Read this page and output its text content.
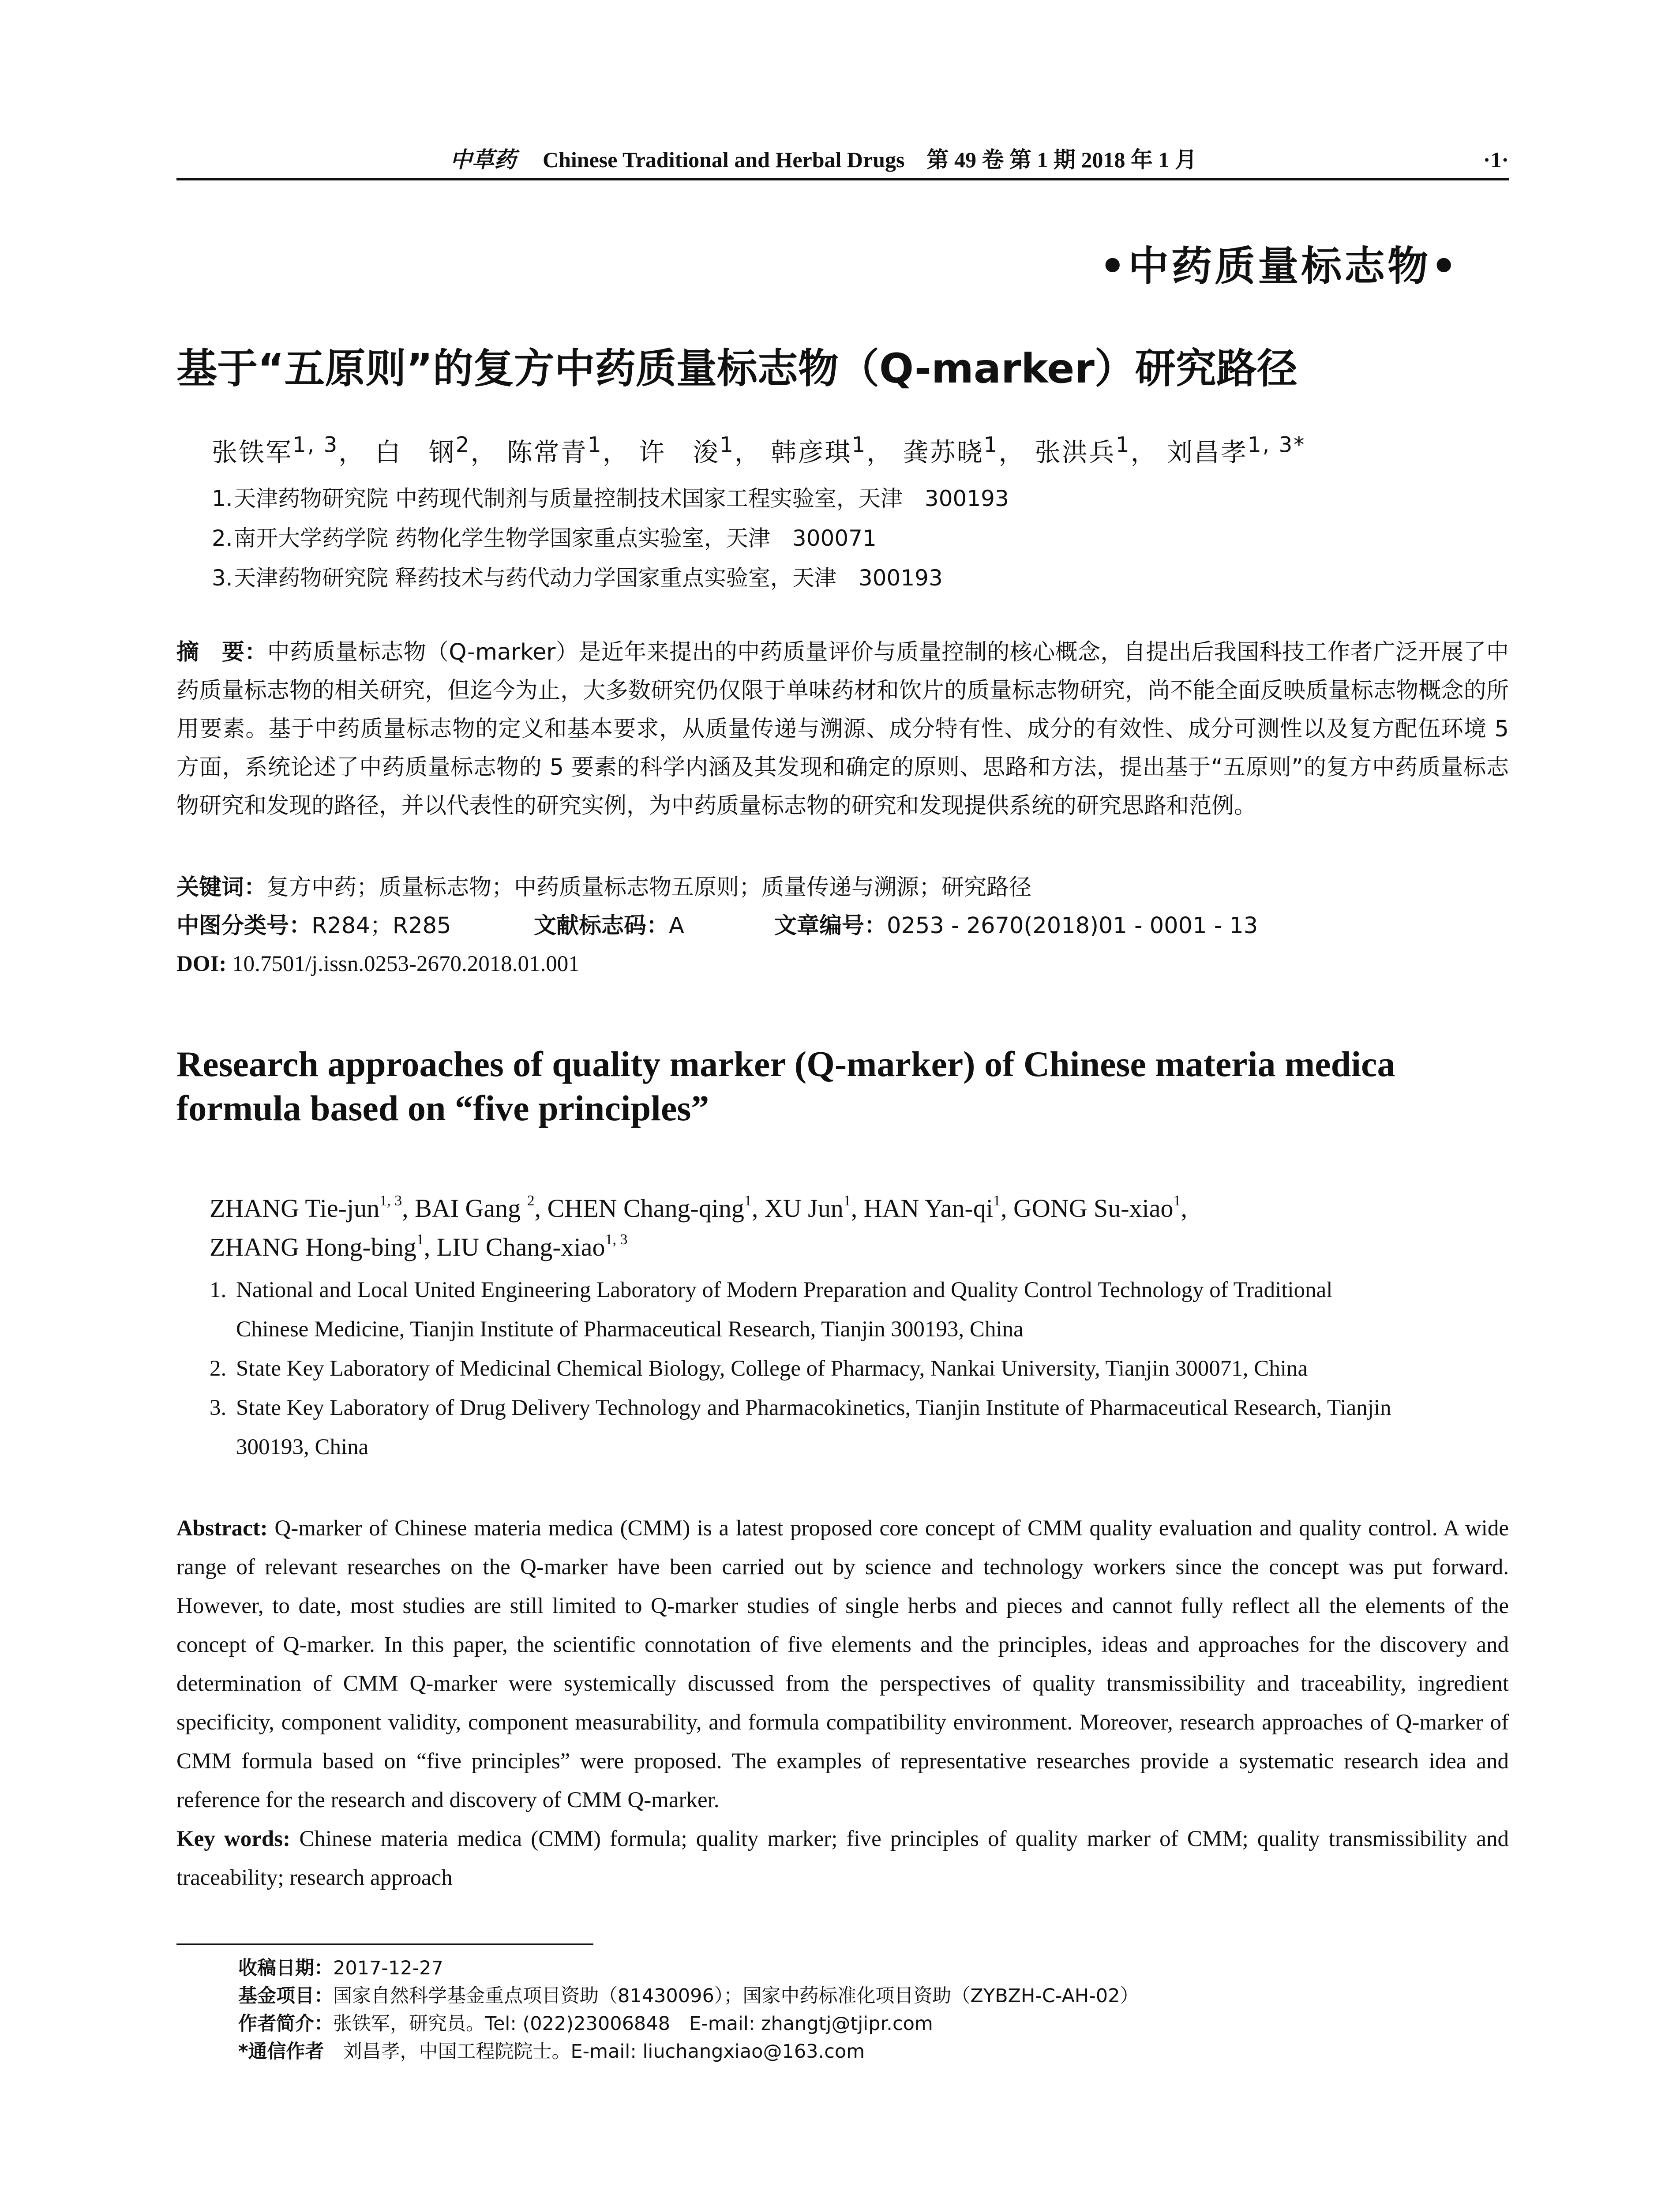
中草药 Chinese Traditional and Herbal Drugs 第 49 卷 第 1 期 2018 年 1 月	·1·
•中药质量标志物•
基于“五原则”的复方中药质量标志物（Q-marker）研究路径
张铁军$^{1, 3}$， 白　钢$^2$， 陈常青$^1$， 许　浚$^1$， 韩彦琪$^1$， 龚苏晓$^1$， 张洪兵$^1$， 刘昌孝$^{1, 3*}$
1.天津药物研究院 中药现代制剂与质量控制技术国家工程实验室，天津　300193
2.南开大学药学院 药物化学生物学国家重点实验室，天津　300071
3.天津药物研究院 释药技术与药代动力学国家重点实验室，天津　300193
摘　要：中药质量标志物（Q-marker）是近年来提出的中药质量评价与质量控制的核心概念，自提出后我国科技工作者广泛开展了中药质量标志物的相关研究，但迄今为止，大多数研究仍仅限于单味药材和饮片的质量标志物研究，尚不能全面反映质量标志物概念的所用要素。基于中药质量标志物的定义和基本要求，从质量传递与溯源、成分特有性、成分的有效性、成分可测性以及复方配伍环境 5 方面，系统论述了中药质量标志物的 5 要素的科学内涵及其发现和确定的原则、思路和方法，提出基于“五原则”的复方中药质量标志物研究和发现的路径，并以代表性的研究实例，为中药质量标志物的研究和发现提供系统的研究思路和范例。
关键词：复方中药；质量标志物；中药质量标志物五原则；质量传递与溯源；研究路径
中图分类号：R284；R285	文献标志码：A	文章编号：0253 - 2670(2018)01 - 0001 - 13
DOI: 10.7501/j.issn.0253-2670.2018.01.001
Research approaches of quality marker (Q-marker) of Chinese materia medica
formula based on “five principles”
ZHANG Tie-jun$^{1, 3}$, BAI Gang $^2$, CHEN Chang-qing$^1$, XU Jun$^1$, HAN Yan-$qi^1$, GONG Su-xiao$^1$,
ZHANG Hong-bing$^1$, LIU Chang-xiao$^{1, 3}$
1. National and Local United Engineering Laboratory of Modern Preparation and Quality Control Technology of Traditional
Chinese Medicine, Tianjin Institute of Pharmaceutical Research, Tianjin 300193, China
2. State Key Laboratory of Medicinal Chemical Biology, College of Pharmacy, Nankai University, Tianjin 300071, China
3. State Key Laboratory of Drug Delivery Technology and Pharmacokinetics, Tianjin Institute of Pharmaceutical Research, Tianjin
300193, China
Abstract: Q-marker of Chinese materia medica (CMM) is a latest proposed core concept of CMM quality evaluation and quality control. A wide range of relevant researches on the Q-marker have been carried out by science and technology workers since the concept was put forward. However, to date, most studies are still limited to Q-marker studies of single herbs and pieces and cannot fully reflect all the elements of the concept of Q-marker. In this paper, the scientific connotation of five elements and the principles, ideas and approaches for the discovery and determination of CMM Q-marker were systemically discussed from the perspectives of quality transmissibility and traceability, ingredient specificity, component validity, component measurability, and formula compatibility environment. Moreover, research approaches of Q-marker of CMM formula based on “five principles” were proposed. The examples of representative researches provide a systematic research idea and reference for the research and discovery of CMM Q-marker.
Key words: Chinese materia medica (CMM) formula; quality marker; five principles of quality marker of CMM; quality transmissibility and traceability; research approach
收稿日期：2017-12-27
基金项目：国家自然科学基金重点项目资助（81430096）；国家中药标准化项目资助（ZYBZH-C-AH-02）
作者简介：张铁军，研究员。Tel: (022)23006848　E-mail: zhangtj@tjipr.com
*通信作者　刘昌孝，中国工程院院士。E-mail: liuchangxiao@163.com
